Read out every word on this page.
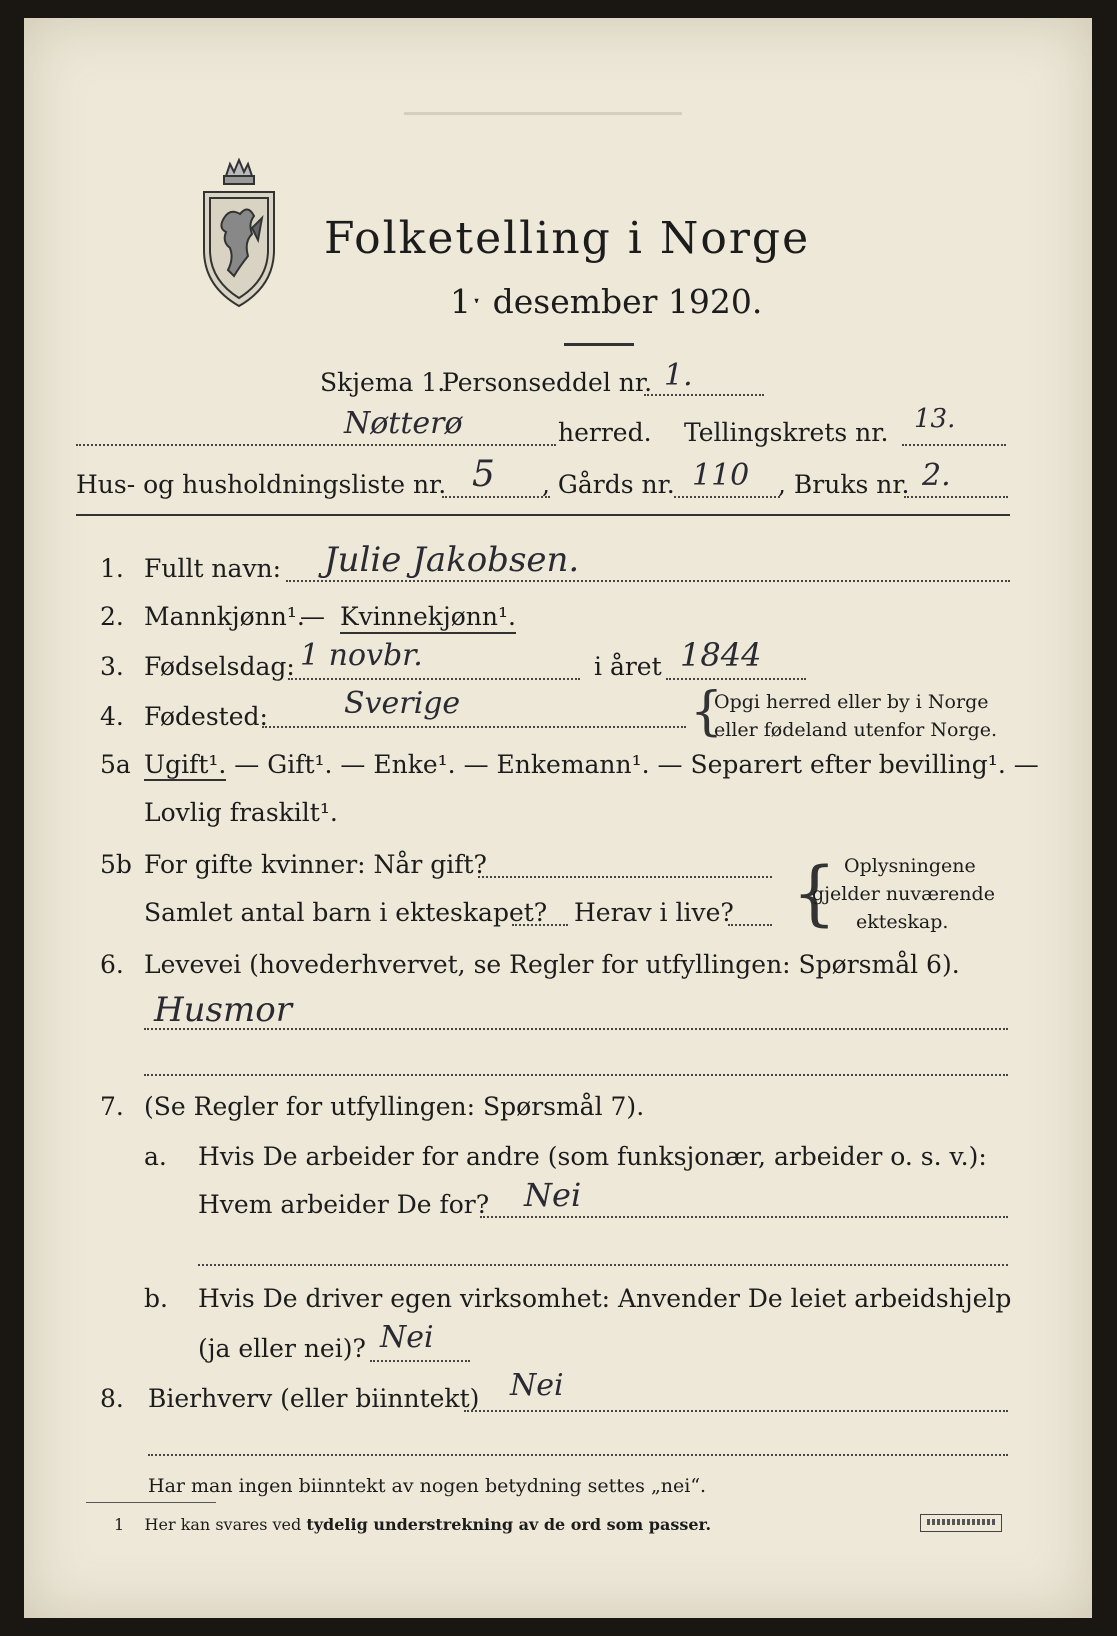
▔▔▔▔▔▔▔▔▔▔▔▔▔▔▔▔▔▔▔
Folketelling i Norge
1ˑ desember 1920.
Skjema 1.
Personseddel nr. 1.
Nøtterø	herred. Tellingskrets nr. 13.
Hus- og husholdningsliste nr. 5 , Gårds nr. 110 , Bruks nr. 2.
1. Fullt navn: Julie Jakobsen.
2. Mannkjønn¹.
— Kvinnekjønn¹.
3. Fødselsdag: 1 novbr.	i året 1844
4. Fødested:	Sverige	{
Opgi herred eller by i Norge
eller fødeland utenfor Norge.
5a Ugift¹. — Gift¹. — Enke¹. — Enkemann¹. — Separert efter bevilling¹. —
Lovlig fraskilt¹.
5b For gifte kvinner: Når gift?
Samlet antal barn i ekteskapet? Herav i live? { Oplysningene
gjelder nuværende
ekteskap.
6. Levevei (hovederhvervet, se Regler for utfyllingen: Spørsmål 6).
Husmor
7. (Se Regler for utfyllingen: Spørsmål 7).
a. Hvis De arbeider for andre (som funksjonær, arbeider o. s. v.):
Hvem arbeider De for? Nei
b. Hvis De driver egen virksomhet: Anvender De leiet arbeidshjelp
(ja eller nei)? Nei
8. Bierhverv (eller biinntekt) Nei
Har man ingen biinntekt av nogen betydning settes „nei“.
1 Her kan svares ved tydelig understrekning av de ord som passer.
